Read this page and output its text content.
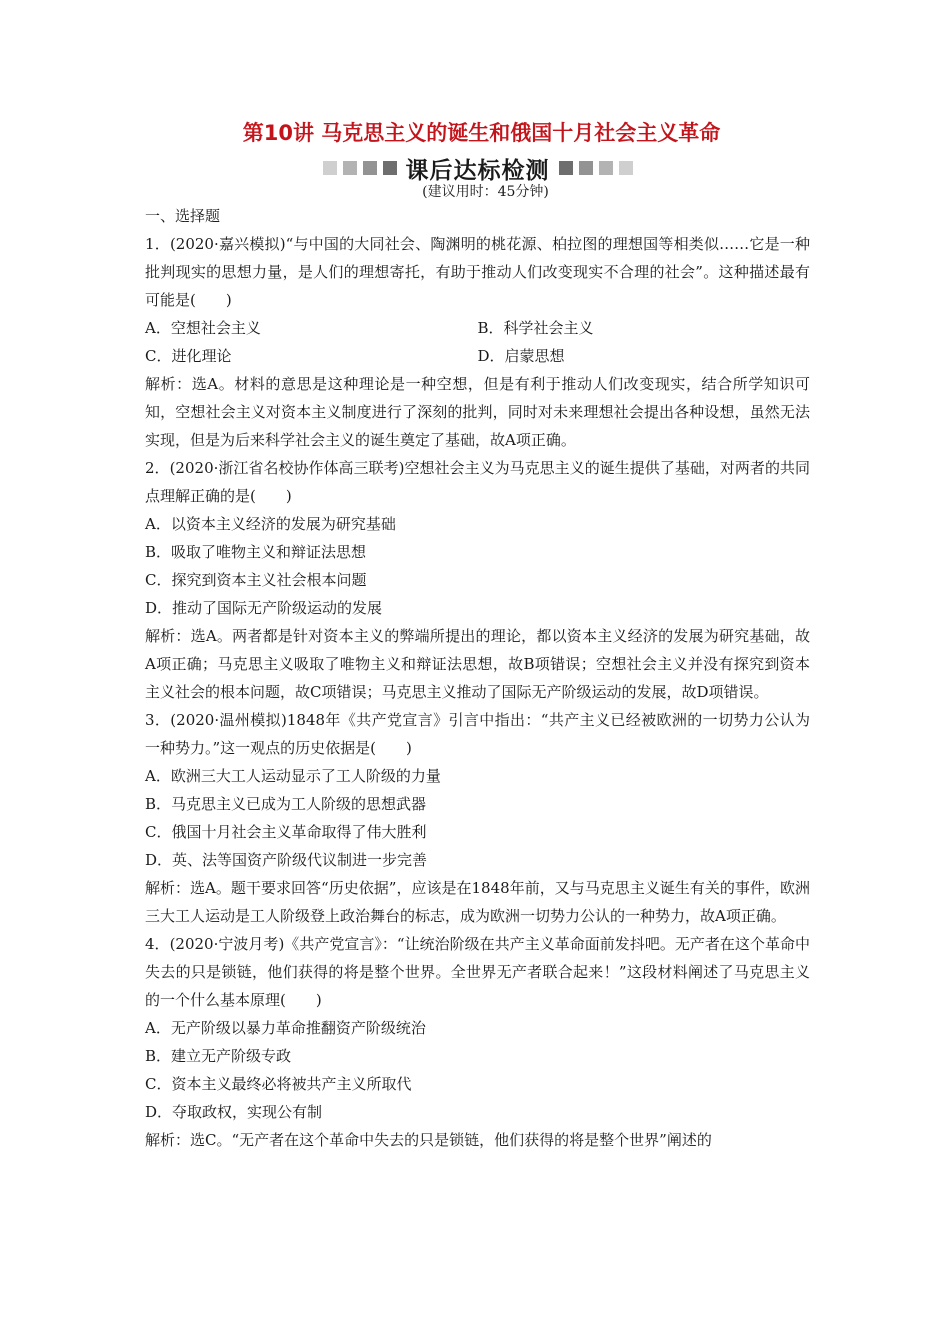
第10讲 马克思主义的诞生和俄国十月社会主义革命
课后达标检测
(建议用时：45分钟)
一、选择题
1．(2020·嘉兴模拟)“与中国的大同社会、陶渊明的桃花源、柏拉图的理想国等相类似……它是一种批判现实的思想力量，是人们的理想寄托，有助于推动人们改变现实不合理的社会”。这种描述最有可能是(　　)
A．空想社会主义	B．科学社会主义
C．进化理论	D．启蒙思想
解析：选A。材料的意思是这种理论是一种空想，但是有利于推动人们改变现实，结合所学知识可知，空想社会主义对资本主义制度进行了深刻的批判，同时对未来理想社会提出各种设想，虽然无法实现，但是为后来科学社会主义的诞生奠定了基础，故A项正确。
2．(2020·浙江省名校协作体高三联考)空想社会主义为马克思主义的诞生提供了基础，对两者的共同点理解正确的是(　　)
A．以资本主义经济的发展为研究基础
B．吸取了唯物主义和辩证法思想
C．探究到资本主义社会根本问题
D．推动了国际无产阶级运动的发展
解析：选A。两者都是针对资本主义的弊端所提出的理论，都以资本主义经济的发展为研究基础，故A项正确；马克思主义吸取了唯物主义和辩证法思想，故B项错误；空想社会主义并没有探究到资本主义社会的根本问题，故C项错误；马克思主义推动了国际无产阶级运动的发展，故D项错误。
3．(2020·温州模拟)1848年《共产党宣言》引言中指出：“共产主义已经被欧洲的一切势力公认为一种势力。”这一观点的历史依据是(　　)
A．欧洲三大工人运动显示了工人阶级的力量
B．马克思主义已成为工人阶级的思想武器
C．俄国十月社会主义革命取得了伟大胜利
D．英、法等国资产阶级代议制进一步完善
解析：选A。题干要求回答“历史依据”，应该是在1848年前，又与马克思主义诞生有关的事件，欧洲三大工人运动是工人阶级登上政治舞台的标志，成为欧洲一切势力公认的一种势力，故A项正确。
4．(2020·宁波月考)《共产党宣言》：“让统治阶级在共产主义革命面前发抖吧。无产者在这个革命中失去的只是锁链，他们获得的将是整个世界。全世界无产者联合起来！”这段材料阐述了马克思主义的一个什么基本原理(　　)
A．无产阶级以暴力革命推翻资产阶级统治
B．建立无产阶级专政
C．资本主义最终必将被共产主义所取代
D．夺取政权，实现公有制
解析：选C。“无产者在这个革命中失去的只是锁链，他们获得的将是整个世界”阐述的
